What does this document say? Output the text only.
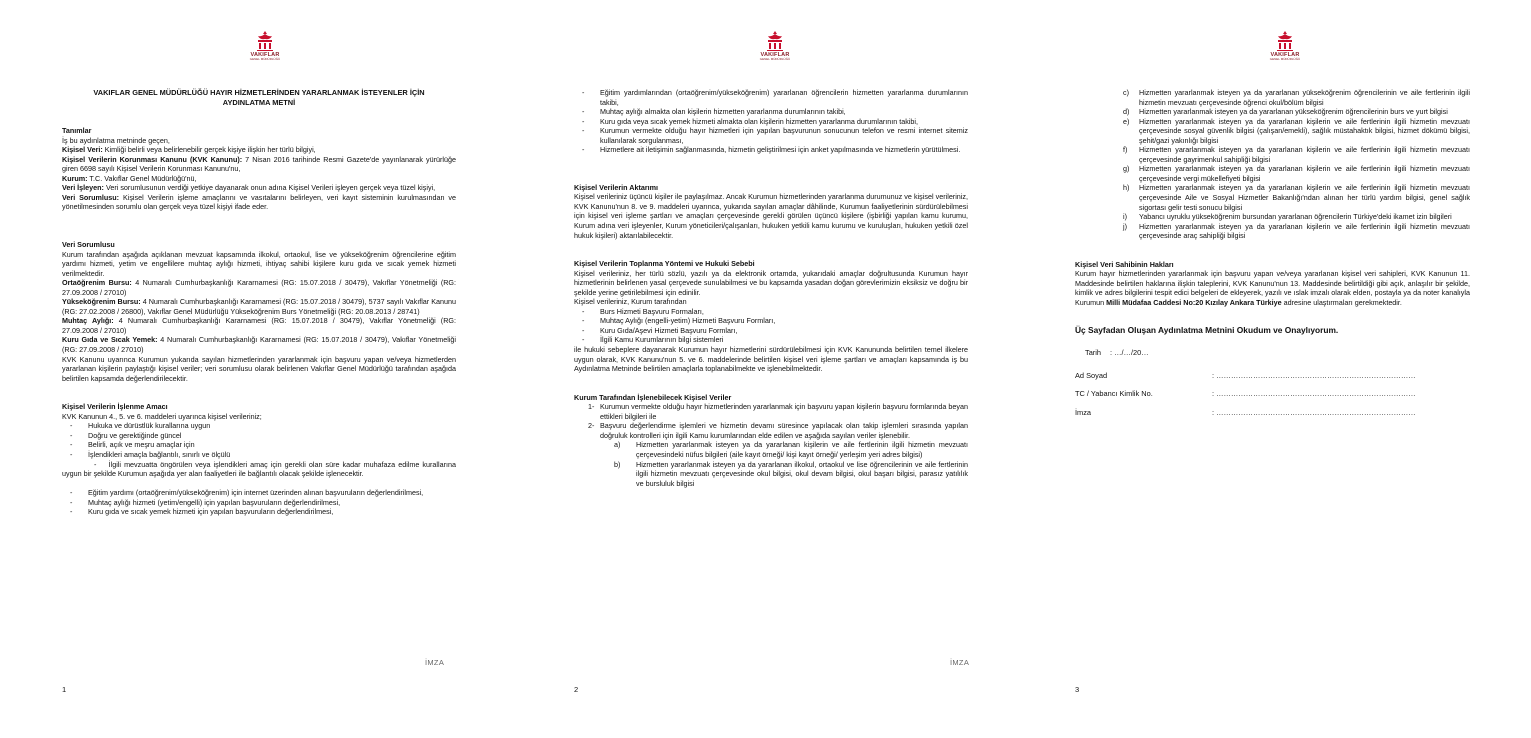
VAKIFLAR
GENEL MÜDÜRLÜĞÜ

VAKIFLAR GENEL MÜDÜRLÜĞÜ HAYIR HİZMETLERİNDEN YARARLANMAK İSTEYENLER İÇİN

AYDINLATMA METNİ

Tanımlar

İş bu aydınlatma metninde geçen,

Kişisel Veri: Kimliği belirli veya belirlenebilir gerçek kişiye ilişkin her türlü bilgiyi,

Kişisel Verilerin Korunması Kanunu (KVK Kanunu): 7 Nisan 2016 tarihinde Resmi Gazete'de yayınlanarak yürürlüğe giren 6698 sayılı Kişisel Verilerin Korunması Kanunu'nu,

Kurum: T.C. Vakıflar Genel Müdürlüğü'nü,

Veri İşleyen: Veri sorumlusunun verdiği yetkiye dayanarak onun adına Kişisel Verileri işleyen gerçek veya tüzel kişiyi,

Veri Sorumlusu: Kişisel Verilerin işleme amaçlarını ve vasıtalarını belirleyen, veri kayıt sisteminin kurulmasından ve yönetilmesinden sorumlu olan gerçek veya tüzel kişiyi ifade eder.

Veri Sorumlusu

Kurum tarafından aşağıda açıklanan mevzuat kapsamında ilkokul, ortaokul, lise ve yükseköğrenim öğrencilerine eğitim yardımı hizmeti, yetim ve engellilere muhtaç aylığı hizmeti, ihtiyaç sahibi kişilere kuru gıda ve sıcak yemek hizmeti verilmektedir.

Ortaöğrenim Bursu: 4 Numaralı Cumhurbaşkanlığı Kararnamesi (RG: 15.07.2018 / 30479), Vakıflar Yönetmeliği (RG: 27.09.2008 / 27010)

Yükseköğrenim Bursu: 4 Numaralı Cumhurbaşkanlığı Kararnamesi (RG: 15.07.2018 / 30479), 5737 sayılı Vakıflar Kanunu (RG: 27.02.2008 / 26800), Vakıflar Genel Müdürlüğü Yükseköğrenim Burs Yönetmeliği (RG: 20.08.2013 / 28741)

Muhtaç Aylığı: 4 Numaralı Cumhurbaşkanlığı Kararnamesi (RG: 15.07.2018 / 30479), Vakıflar Yönetmeliği (RG: 27.09.2008 / 27010)

Kuru Gıda ve Sıcak Yemek: 4 Numaralı Cumhurbaşkanlığı Kararnamesi (RG: 15.07.2018 / 30479), Vakıflar Yönetmeliği (RG: 27.09.2008 / 27010)

KVK Kanunu uyarınca Kurumun yukarıda sayılan hizmetlerinden yararlanmak için başvuru yapan ve/veya hizmetlerden yararlanan kişilerin paylaştığı kişisel veriler; veri sorumlusu olarak belirlenen Vakıflar Genel Müdürlüğü tarafından aşağıda belirtilen kapsamda değerlendirilecektir.

Kişisel Verilerin İşlenme Amacı

KVK Kanunun 4., 5. ve 6. maddeleri uyarınca kişisel verileriniz;

-	Hukuka ve dürüstlük kurallarına uygun
-	Doğru ve gerektiğinde güncel
-	Belirli, açık ve meşru amaçlar için
-	İşlendikleri amaçla bağlantılı, sınırlı ve ölçülü

-    İlgili mevzuatta öngörülen veya işlendikleri amaç için gerekli olan süre kadar muhafaza edilme kurallarına uygun bir şekilde Kurumun aşağıda yer alan faaliyetleri ile bağlantılı olacak şekilde işlenecektir.

-	Eğitim yardımı (ortaöğrenim/yükseköğrenim) için internet üzerinden alınan başvuruların değerlendirilmesi,
-	Muhtaç aylığı hizmeti (yetim/engelli) için yapılan başvuruların değerlendirilmesi,
-	Kuru gıda ve sıcak yemek hizmeti için yapılan başvuruların değerlendirilmesi,
İMZA
1
VAKIFLAR
GENEL MÜDÜRLÜĞÜ
-	Eğitim yardımlarından (ortaöğrenim/yükseköğrenim) yararlanan öğrencilerin hizmetten yararlanma durumlarının takibi,
-	Muhtaç aylığı almakta olan kişilerin hizmetten yararlanma durumlarının takibi,
-	Kuru gıda veya sıcak yemek hizmeti almakta olan kişilerin hizmetten yararlanma durumlarının takibi,
-	Kurumun vermekte olduğu hayır hizmetleri için yapılan başvurunun sonucunun telefon ve resmi internet sitemiz kullanılarak sorgulanması,
-	Hizmetlere ait iletişimin sağlanmasında, hizmetin geliştirilmesi için anket yapılmasında ve hizmetlerin yürütülmesi.

Kişisel Verilerin Aktarımı

Kişisel verileriniz üçüncü kişiler ile paylaşılmaz. Ancak Kurumun hizmetlerinden yararlanma durumunuz ve kişisel verileriniz, KVK Kanunu'nun 8. ve 9. maddeleri uyarınca, yukarıda sayılan amaçlar dâhilinde, Kurumun faaliyetlerinin sürdürülebilmesi için kişisel veri işleme şartları ve amaçları çerçevesinde gerekli görülen üçüncü kişilere (işbirliği yapılan kamu kurumu, Kurum adına veri işleyenler, Kurum yöneticileri/çalışanları, hukuken yetkili kamu kurumu ve kuruluşları, hukuken yetkili özel hukuk kişileri) aktarılabilecektir.

Kişisel Verilerin Toplanma Yöntemi ve Hukuki Sebebi

Kişisel verileriniz, her türlü sözlü, yazılı ya da elektronik ortamda, yukarıdaki amaçlar doğrultusunda Kurumun hayır hizmetlerinin belirlenen yasal çerçevede sunulabilmesi ve bu kapsamda yasadan doğan görevlerimizin eksiksiz ve doğru bir şekilde yerine getirilebilmesi için edinilir.

Kişisel verileriniz, Kurum tarafından

-	Burs Hizmeti Başvuru Formaları,
-	Muhtaç Aylığı (engelli-yetim) Hizmeti Başvuru Formları,
-	Kuru Gıda/Aşevi Hizmeti Başvuru Formları,
-	İlgili Kamu Kurumlarının bilgi sistemleri

ile hukuki sebeplere dayanarak Kurumun hayır hizmetlerini sürdürülebilmesi için KVK Kanununda belirtilen temel ilkelere uygun olarak, KVK Kanunu'nun 5. ve 6. maddelerinde belirtilen kişisel veri işleme şartları ve amaçları kapsamında iş bu Aydınlatma Metninde belirtilen amaçlarla toplanabilmekte ve işlenebilmektedir.

Kurum Tarafından İşlenebilecek Kişisel Veriler

1- Kurumun vermekte olduğu hayır hizmetlerinden yararlanmak için başvuru yapan kişilerin başvuru formlarında beyan ettikleri bilgileri ile
2- Başvuru değerlendirme işlemleri ve hizmetin devamı süresince yapılacak olan takip işlemleri sırasında yapılan doğruluk kontrolleri için ilgili Kamu kurumlarından elde edilen ve aşağıda sayılan veriler işlenebilir.
a)	Hizmetten yararlanmak isteyen ya da yararlanan kişilerin ve aile fertlerinin ilgili hizmetin mevzuatı çerçevesindeki nüfus bilgileri (aile kayıt örneği/ kişi kayıt örneği/ yerleşim yeri adres bilgisi)
b)	Hizmetten yararlanmak isteyen ya da yararlanan ilkokul, ortaokul ve lise öğrencilerinin ve aile fertlerinin ilgili hizmetin mevzuatı çerçevesinde okul bilgisi, okul devam bilgisi, okul başarı bilgisi, parasız yatılılık ve bursluluk bilgisi
İMZA
2
VAKIFLAR
GENEL MÜDÜRLÜĞÜ
c)	Hizmetten yararlanmak isteyen ya da yararlanan yükseköğrenim öğrencilerinin ve aile fertlerinin ilgili hizmetin mevzuatı çerçevesinde öğrenci okul/bölüm bilgisi
d)	Hizmetten yararlanmak isteyen ya da yararlanan yükseköğrenim öğrencilerinin burs ve yurt bilgisi
e)	Hizmetten yararlanmak isteyen ya da yararlanan kişilerin ve aile fertlerinin ilgili hizmetin mevzuatı çerçevesinde sosyal güvenlik bilgisi (çalışan/emekli), sağlık müstahaktık bilgisi, hizmet dökümü bilgisi, şehit/gazi yakınlığı bilgisi
f)	Hizmetten yararlanmak isteyen ya da yararlanan kişilerin ve aile fertlerinin ilgili hizmetin mevzuatı çerçevesinde gayrimenkul sahipliği bilgisi
g)	Hizmetten yararlanmak isteyen ya da yararlanan kişilerin ve aile fertlerinin ilgili hizmetin mevzuatı çerçevesinde vergi mükellefiyeti bilgisi
h)	Hizmetten yararlanmak isteyen ya da yararlanan kişilerin ve aile fertlerinin ilgili hizmetin mevzuatı çerçevesinde Aile ve Sosyal Hizmetler Bakanlığı'ndan alınan her türlü yardım bilgisi, genel sağlık sigortası gelir testi sonucu bilgisi
i)	Yabancı uyruklu yükseköğrenim bursundan yararlanan öğrencilerin Türkiye'deki ikamet izin bilgileri
j)	Hizmetten yararlanmak isteyen ya da yararlanan kişilerin ve aile fertlerinin ilgili hizmetin mevzuatı çerçevesinde araç sahipliği bilgisi

Kişisel Veri Sahibinin Hakları

Kurum hayır hizmetlerinden yararlanmak için başvuru yapan ve/veya yararlanan kişisel veri sahipleri, KVK Kanunun 11. Maddesinde belirtilen haklarına ilişkin taleplerini, KVK Kanunu'nun 13. Maddesinde belirtildiği gibi açık, anlaşılır bir şekilde, kimlik ve adres bilgilerini tespit edici belgeleri de ekleyerek, yazılı ve ıslak imzalı olarak elden, postayla ya da noter kanalıyla Kurumun Milli Müdafaa Caddesi No:20 Kızılay Ankara Türkiye adresine ulaştırmaları gerekmektedir.

Üç Sayfadan Oluşan Aydınlatma Metnini Okudum ve Onaylıyorum.

Tarih	: …/…/20…
Ad Soyad	: ………………………………………………………………………
TC / Yabancı Kimlik No.	: ………………………………………………………………………
İmza	: ………………………………………………………………………
3
